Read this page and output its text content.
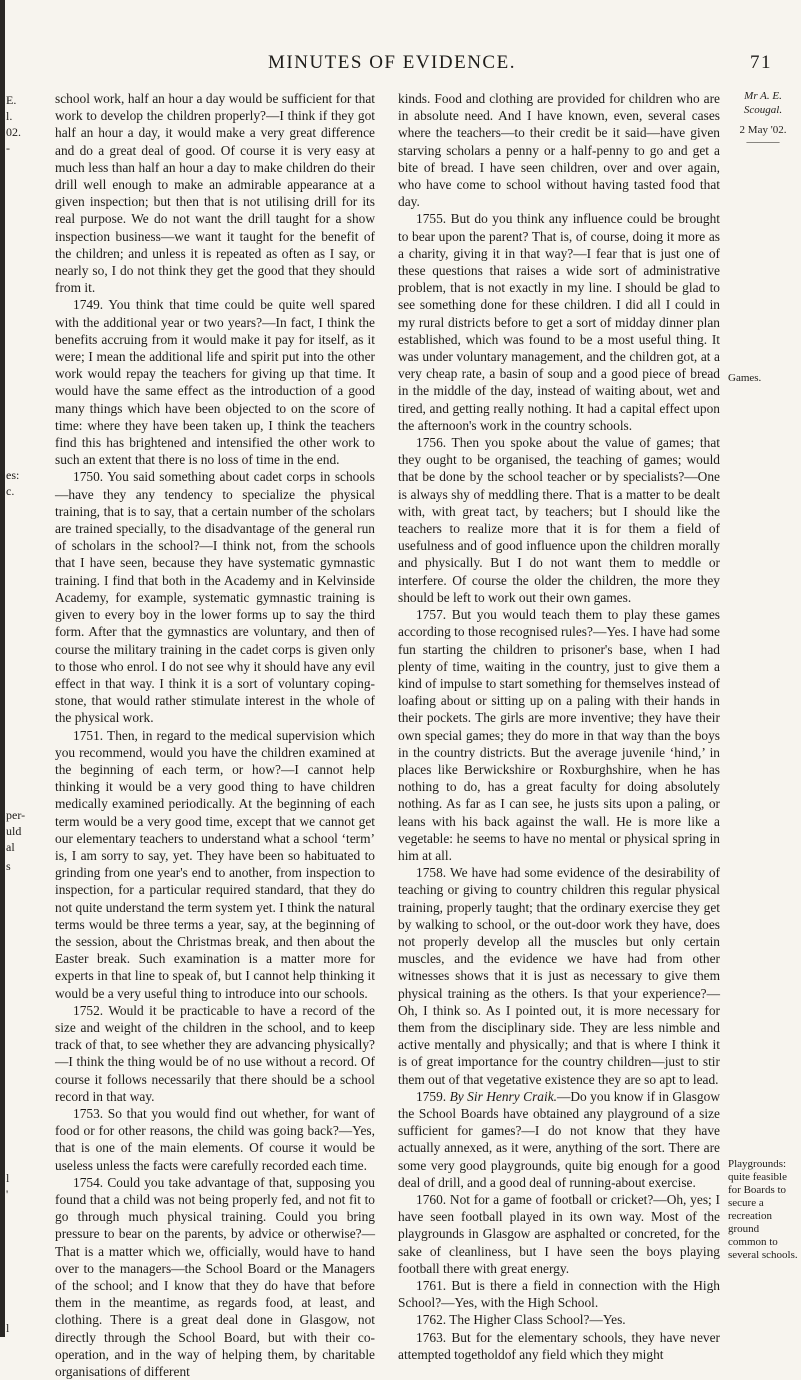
MINUTES OF EVIDENCE.	71
E.
l.
02.
-
es:
c.
per-
uld
al
s
l
'
l

school work, half an hour a day would be sufficient for that work to develop the children properly?—I think if they got half an hour a day, it would make a very great difference and do a great deal of good. Of course it is very easy at much less than half an hour a day to make children do their drill well enough to make an admirable appearance at a given inspection; but then that is not utilising drill for its real purpose. We do not want the drill taught for a show inspection business—we want it taught for the benefit of the children; and unless it is repeated as often as I say, or nearly so, I do not think they get the good that they should from it.

1749. You think that time could be quite well spared with the additional year or two years?—In fact, I think the benefits accruing from it would make it pay for itself, as it were; I mean the additional life and spirit put into the other work would repay the teachers for giving up that time. It would have the same effect as the introduction of a good many things which have been objected to on the score of time: where they have been taken up, I think the teachers find this has brightened and intensified the other work to such an extent that there is no loss of time in the end.

1750. You said something about cadet corps in schools—have they any tendency to specialize the physical training, that is to say, that a certain number of the scholars are trained specially, to the disadvantage of the general run of scholars in the school?—I think not, from the schools that I have seen, because they have systematic gymnastic training. I find that both in the Academy and in Kelvinside Academy, for example, systematic gymnastic training is given to every boy in the lower forms up to say the third form. After that the gymnastics are voluntary, and then of course the military training in the cadet corps is given only to those who enrol. I do not see why it should have any evil effect in that way. I think it is a sort of voluntary coping-stone, that would rather stimulate interest in the whole of the physical work.

1751. Then, in regard to the medical supervision which you recommend, would you have the children examined at the beginning of each term, or how?—I cannot help thinking it would be a very good thing to have children medically examined periodically. At the beginning of each term would be a very good time, except that we cannot get our elementary teachers to understand what a school ‘term’ is, I am sorry to say, yet. They have been so habituated to grinding from one year's end to another, from inspection to inspection, for a particular required standard, that they do not quite understand the term system yet. I think the natural terms would be three terms a year, say, at the beginning of the session, about the Christmas break, and then about the Easter break. Such examination is a matter more for experts in that line to speak of, but I cannot help thinking it would be a very useful thing to introduce into our schools.

1752. Would it be practicable to have a record of the size and weight of the children in the school, and to keep track of that, to see whether they are advancing physically?—I think the thing would be of no use without a record. Of course it follows necessarily that there should be a school record in that way.

1753. So that you would find out whether, for want of food or for other reasons, the child was going back?—Yes, that is one of the main elements. Of course it would be useless unless the facts were carefully recorded each time.

1754. Could you take advantage of that, supposing you found that a child was not being properly fed, and not fit to go through much physical training. Could you bring pressure to bear on the parents, by advice or otherwise?—That is a matter which we, officially, would have to hand over to the managers—the School Board or the Managers of the school; and I know that they do have that before them in the meantime, as regards food, at least, and clothing. There is a great deal done in Glasgow, not directly through the School Board, but with their co-operation, and in the way of helping them, by charitable organisations of different

kinds. Food and clothing are provided for children who are in absolute need. And I have known, even, several cases where the teachers—to their credit be it said—have given starving scholars a penny or a half-penny to go and get a bite of bread. I have seen children, over and over again, who have come to school without having tasted food that day.

1755. But do you think any influence could be brought to bear upon the parent? That is, of course, doing it more as a charity, giving it in that way?—I fear that is just one of these questions that raises a wide sort of administrative problem, that is not exactly in my line. I should be glad to see something done for these children. I did all I could in my rural districts before to get a sort of midday dinner plan established, which was found to be a most useful thing. It was under voluntary management, and the children got, at a very cheap rate, a basin of soup and a good piece of bread in the middle of the day, instead of waiting about, wet and tired, and getting really nothing. It had a capital effect upon the afternoon's work in the country schools.

1756. Then you spoke about the value of games; that they ought to be organised, the teaching of games; would that be done by the school teacher or by specialists?—One is always shy of meddling there. That is a matter to be dealt with, with great tact, by teachers; but I should like the teachers to realize more that it is for them a field of usefulness and of good influence upon the children morally and physically. But I do not want them to meddle or interfere. Of course the older the children, the more they should be left to work out their own games.

1757. But you would teach them to play these games according to those recognised rules?—Yes. I have had some fun starting the children to prisoner's base, when I had plenty of time, waiting in the country, just to give them a kind of impulse to start something for themselves instead of loafing about or sitting up on a paling with their hands in their pockets. The girls are more inventive; they have their own special games; they do more in that way than the boys in the country districts. But the average juvenile ‘hind,’ in places like Berwickshire or Roxburghshire, when he has nothing to do, has a great faculty for doing absolutely nothing. As far as I can see, he justs sits upon a paling, or leans with his back against the wall. He is more like a vegetable: he seems to have no mental or physical spring in him at all.

1758. We have had some evidence of the desirability of teaching or giving to country children this regular physical training, properly taught; that the ordinary exercise they get by walking to school, or the out-door work they have, does not properly develop all the muscles but only certain muscles, and the evidence we have had from other witnesses shows that it is just as necessary to give them physical training as the others. Is that your experience?—Oh, I think so. As I pointed out, it is more necessary for them from the disciplinary side. They are less nimble and active mentally and physically; and that is where I think it is of great importance for the country children—just to stir them out of that vegetative existence they are so apt to lead.

1759. By Sir Henry Craik.—Do you know if in Glasgow the School Boards have obtained any playground of a size sufficient for games?—I do not know that they have actually annexed, as it were, anything of the sort. There are some very good playgrounds, quite big enough for a good deal of drill, and a good deal of running-about exercise.

1760. Not for a game of football or cricket?—Oh, yes; I have seen football played in its own way. Most of the playgrounds in Glasgow are asphalted or concreted, for the sake of cleanliness, but I have seen the boys playing football there with great energy.

1761. But is there a field in connection with the High School?—Yes, with the High School.

1762. The Higher Class School?—Yes.

1763. But for the elementary schools, they have never attempted togetholdof any field which they might

Mr A. E.
Scougal.
2 May '02.
———
Games.
Playgrounds: quite feasible for Boards to secure a recreation ground common to several schools.
